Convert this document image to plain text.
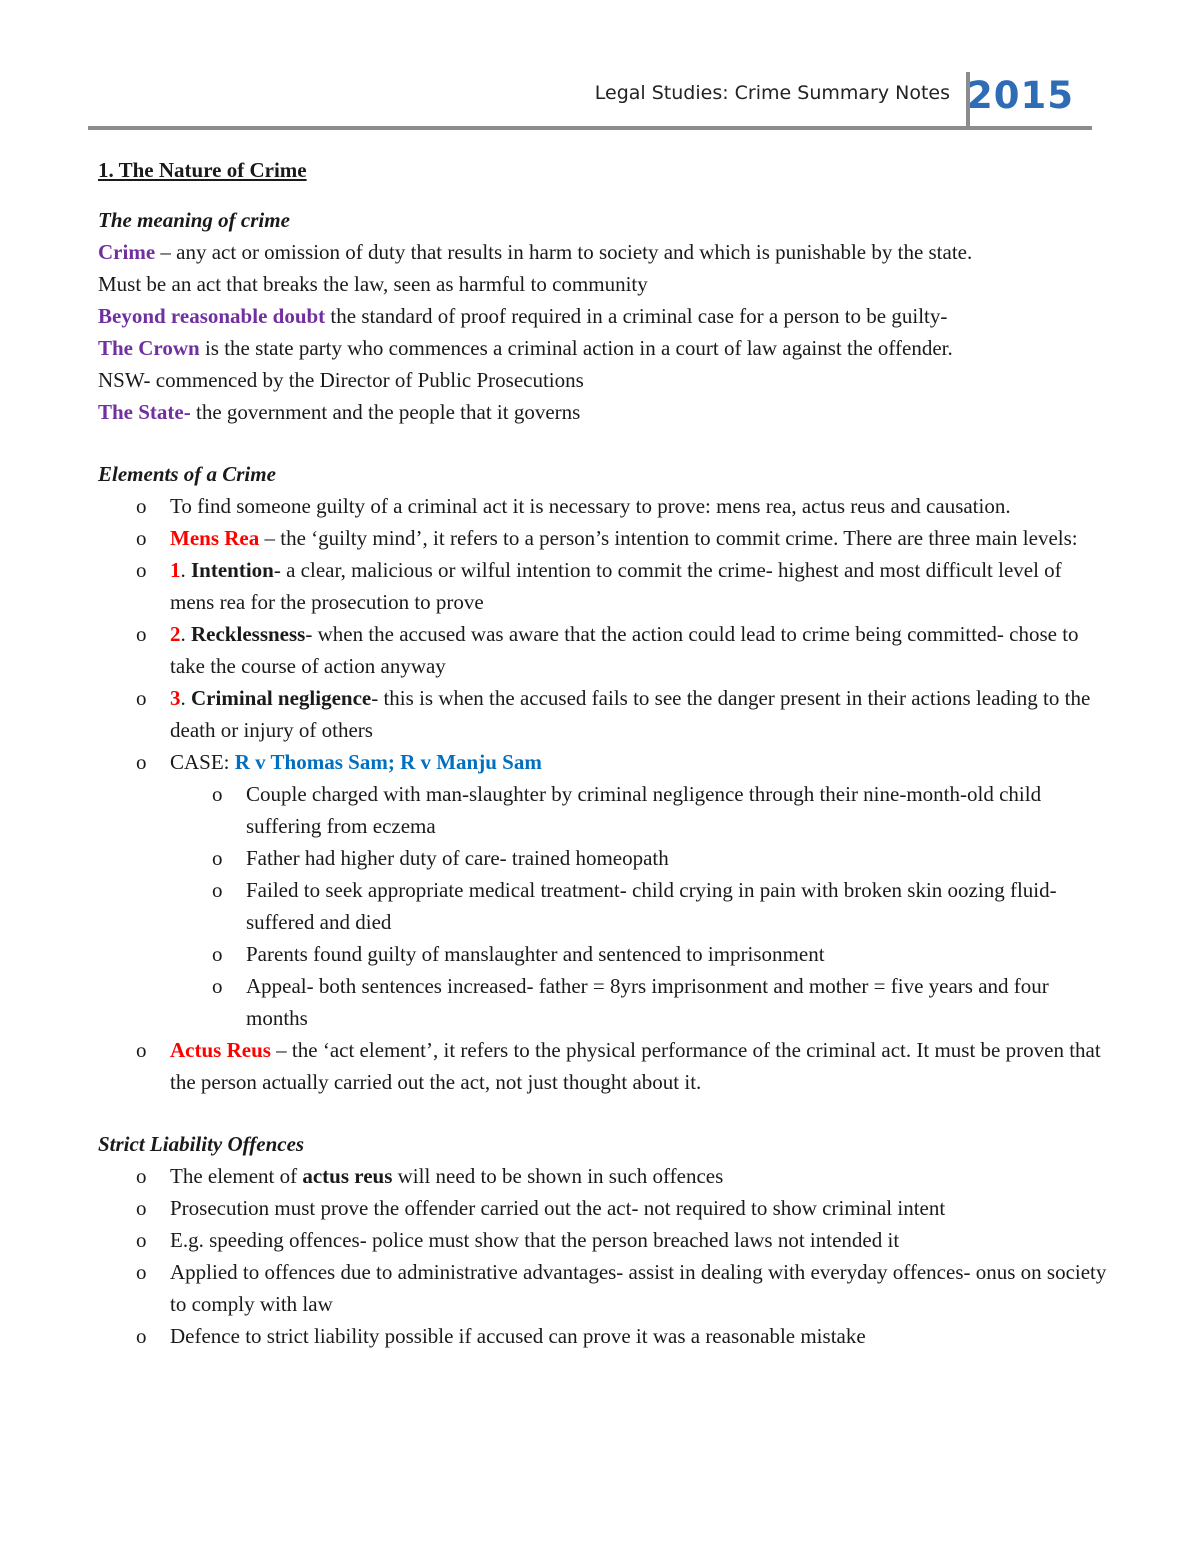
Legal Studies: Crime Summary Notes 2015

1. The Nature of Crime

The meaning of crime

Crime – any act or omission of duty that results in harm to society and which is punishable by the state.

Must be an act that breaks the law, seen as harmful to community

Beyond reasonable doubt the standard of proof required in a criminal case for a person to be guilty-

The Crown is the state party who commences a criminal action in a court of law against the offender.

NSW- commenced by the Director of Public Prosecutions

The State- the government and the people that it governs

Elements of a Crime

o To find someone guilty of a criminal act it is necessary to prove: mens rea, actus reus and causation.
o Mens Rea – the ‘guilty mind’, it refers to a person’s intention to commit crime. There are three main levels:
o 1. Intention- a clear, malicious or wilful intention to commit the crime- highest and most difficult level of mens rea for the prosecution to prove
o 2. Recklessness- when the accused was aware that the action could lead to crime being committed- chose to take the course of action anyway
o 3. Criminal negligence- this is when the accused fails to see the danger present in their actions leading to the death or injury of others
o CASE: R v Thomas Sam; R v Manju Sam
o Couple charged with man-slaughter by criminal negligence through their nine-month-old child suffering from eczema
o Father had higher duty of care- trained homeopath
o Failed to seek appropriate medical treatment- child crying in pain with broken skin oozing fluid- suffered and died
o Parents found guilty of manslaughter and sentenced to imprisonment
o Appeal- both sentences increased- father = 8yrs imprisonment and mother = five years and four months
o Actus Reus – the ‘act element’, it refers to the physical performance of the criminal act. It must be proven that the person actually carried out the act, not just thought about it.

Strict Liability Offences

o The element of actus reus will need to be shown in such offences
o Prosecution must prove the offender carried out the act- not required to show criminal intent
o E.g. speeding offences- police must show that the person breached laws not intended it
o Applied to offences due to administrative advantages- assist in dealing with everyday offences- onus on society to comply with law
o Defence to strict liability possible if accused can prove it was a reasonable mistake
